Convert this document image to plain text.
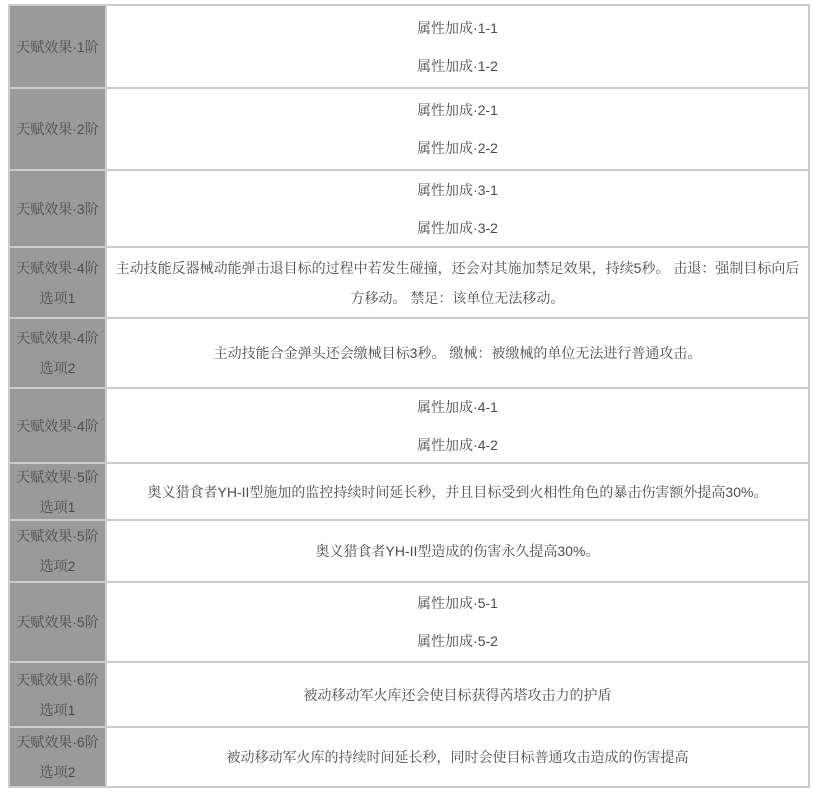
天赋效果·1阶

属性加成·1-1

属性加成·1-2

天赋效果·2阶

属性加成·2-1

属性加成·2-2

天赋效果·3阶

属性加成·3-1

属性加成·3-2

天赋效果·4阶
选项1

主动技能反器械动能弹击退目标的过程中若发生碰撞，还会对其施加禁足效果，持续5秒。 击退：强制目标向后方移动。 禁足：该单位无法移动。

天赋效果·4阶
选项2

主动技能合金弹头还会缴械目标3秒。 缴械：被缴械的单位无法进行普通攻击。

天赋效果·4阶

属性加成·4-1

属性加成·4-2

天赋效果·5阶
选项1

奥义猎食者YH-II型施加的监控持续时间延长秒，并且目标受到火相性角色的暴击伤害额外提高30%。

天赋效果·5阶
选项2

奥义猎食者YH-II型造成的伤害永久提高30%。

天赋效果·5阶

属性加成·5-1

属性加成·5-2

天赋效果·6阶
选项1

被动移动军火库还会使目标获得芮塔攻击力的护盾

天赋效果·6阶
选项2

被动移动军火库的持续时间延长秒，同时会使目标普通攻击造成的伤害提高
